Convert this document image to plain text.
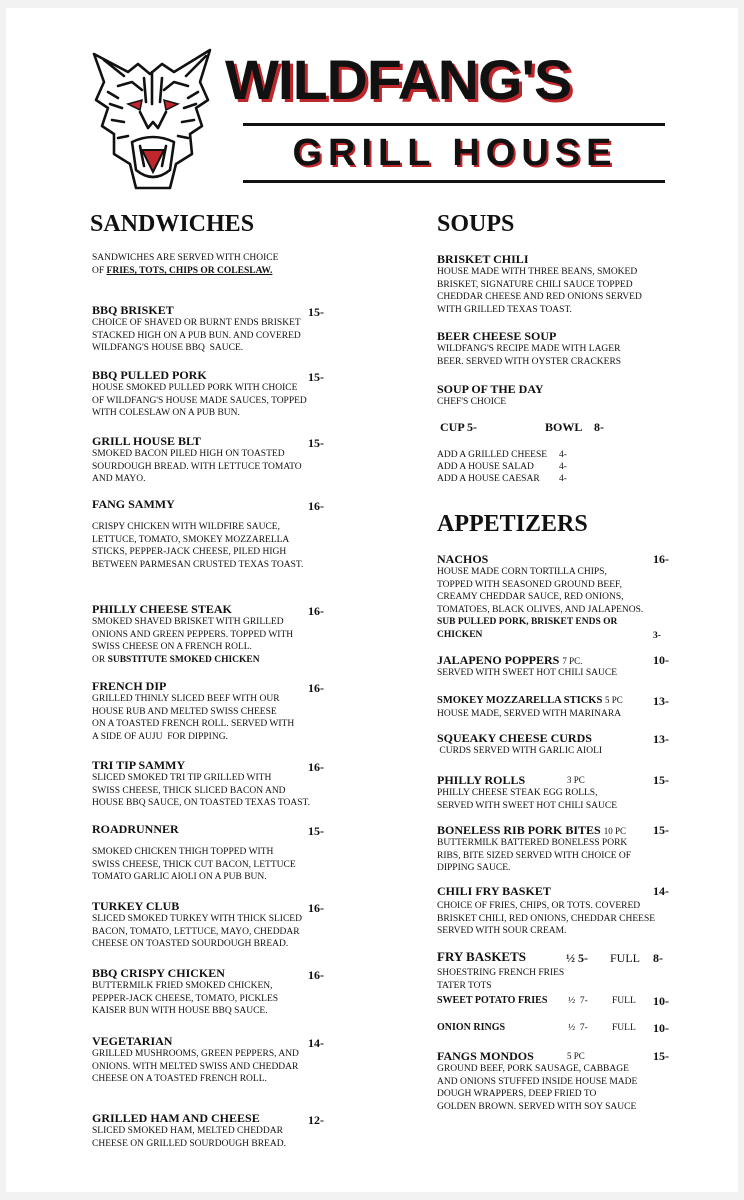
WILDFANG'S
GRILL HOUSE
SANDWICHES
SANDWICHES ARE SERVED WITH CHOICE
OF FRIES, TOTS, CHIPS OR COLESLAW.
BBQ BRISKET	15-
CHOICE OF SHAVED OR BURNT ENDS BRISKET
STACKED HIGH ON A PUB BUN. AND COVERED
WILDFANG'S HOUSE BBQ  SAUCE.
BBQ PULLED PORK	15-
HOUSE SMOKED PULLED PORK WITH CHOICE
OF WILDFANG'S HOUSE MADE SAUCES, TOPPED
WITH COLESLAW ON A PUB BUN.
GRILL HOUSE BLT	15-
SMOKED BACON PILED HIGH ON TOASTED
SOURDOUGH BREAD. WITH LETTUCE TOMATO
AND MAYO.
FANG SAMMY	16-
CRISPY CHICKEN WITH WILDFIRE SAUCE,
LETTUCE, TOMATO, SMOKEY MOZZARELLA
STICKS, PEPPER-JACK CHEESE, PILED HIGH
BETWEEN PARMESAN CRUSTED TEXAS TOAST.
PHILLY CHEESE STEAK	16-
SMOKED SHAVED BRISKET WITH GRILLED
ONIONS AND GREEN PEPPERS. TOPPED WITH
SWISS CHEESE ON A FRENCH ROLL.
OR SUBSTITUTE SMOKED CHICKEN
FRENCH DIP	16-
GRILLED THINLY SLICED BEEF WITH OUR
HOUSE RUB AND MELTED SWISS CHEESE
ON A TOASTED FRENCH ROLL. SERVED WITH
A SIDE OF AUJU  FOR DIPPING.
TRI TIP SAMMY	16-
SLICED SMOKED TRI TIP GRILLED WITH
SWISS CHEESE, THICK SLICED BACON AND
HOUSE BBQ SAUCE, ON TOASTED TEXAS TOAST.
ROADRUNNER	15-
SMOKED CHICKEN THIGH TOPPED WITH
SWISS CHEESE, THICK CUT BACON, LETTUCE
TOMATO GARLIC AIOLI ON A PUB BUN.
TURKEY CLUB	16-
SLICED SMOKED TURKEY WITH THICK SLICED
BACON, TOMATO, LETTUCE, MAYO, CHEDDAR
CHEESE ON TOASTED SOURDOUGH BREAD.
BBQ CRISPY CHICKEN	16-
BUTTERMILK FRIED SMOKED CHICKEN,
PEPPER-JACK CHEESE, TOMATO, PICKLES
KAISER BUN WITH HOUSE BBQ SAUCE.
VEGETARIAN	14-
GRILLED MUSHROOMS, GREEN PEPPERS, AND
ONIONS. WITH MELTED SWISS AND CHEDDAR
CHEESE ON A TOASTED FRENCH ROLL.
GRILLED HAM AND CHEESE	12-
SLICED SMOKED HAM, MELTED CHEDDAR
CHEESE ON GRILLED SOURDOUGH BREAD.
SOUPS
BRISKET CHILI
HOUSE MADE WITH THREE BEANS, SMOKED
BRISKET, SIGNATURE CHILI SAUCE TOPPED
CHEDDAR CHEESE AND RED ONIONS SERVED
WITH GRILLED TEXAS TOAST.
BEER CHEESE SOUP
WILDFANG'S RECIPE MADE WITH LAGER
BEER. SERVED WITH OYSTER CRACKERS
SOUP OF THE DAY
CHEF'S CHOICE
CUP 5-	BOWL 8-
ADD A GRILLED CHEESE 4-
ADD A HOUSE SALAD	4-
ADD A HOUSE CAESAR 4-
APPETIZERS
NACHOS	16-
HOUSE MADE CORN TORTILLA CHIPS,
TOPPED WITH SEASONED GROUND BEEF,
CREAMY CHEDDAR SAUCE, RED ONIONS,
TOMATOES, BLACK OLIVES, AND JALAPENOS.
SUB PULLED PORK, BRISKET ENDS OR
CHICKEN	3-
JALAPENO POPPERS 7 PC.	10-
SERVED WITH SWEET HOT CHILI SAUCE
SMOKEY MOZZARELLA STICKS 5 PC	13-
HOUSE MADE, SERVED WITH MARINARA
SQUEAKY CHEESE CURDS	13-
CURDS SERVED WITH GARLIC AIOLI
PHILLY ROLLS	3 PC	15-
PHILLY CHEESE STEAK EGG ROLLS,
SERVED WITH SWEET HOT CHILI SAUCE
BONELESS RIB PORK BITES 10 PC 15-
BUTTERMILK BATTERED BONELESS PORK
RIBS, BITE SIZED SERVED WITH CHOICE OF
DIPPING SAUCE.
CHILI FRY BASKET	14-
CHOICE OF FRIES, CHIPS, OR TOTS. COVERED
BRISKET CHILI, RED ONIONS, CHEDDAR CHEESE
SERVED WITH SOUR CREAM.
FRY BASKETS	½ 5- FULL 8-
SHOESTRING FRENCH FRIES
TATER TOTS
SWEET POTATO FRIES ½  7-	FULL 10-
ONION RINGS	½  7-	FULL 10-
FANGS MONDOS	5 PC	15-
GROUND BEEF, PORK SAUSAGE, CABBAGE
AND ONIONS STUFFED INSIDE HOUSE MADE
DOUGH WRAPPERS, DEEP FRIED TO
GOLDEN BROWN. SERVED WITH SOY SAUCE
